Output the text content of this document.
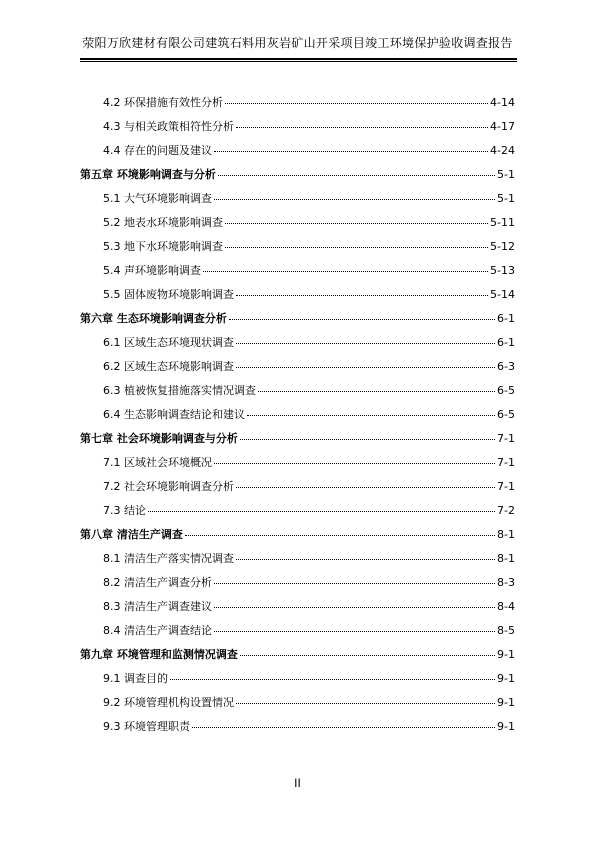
荥阳万欣建材有限公司建筑石料用灰岩矿山开采项目竣工环境保护验收调查报告
4.2 环保措施有效性分析	4-14
4.3 与相关政策相符性分析	4-17
4.4 存在的问题及建议	4-24
第五章 环境影响调查与分析	5-1
5.1 大气环境影响调查	5-1
5.2 地表水环境影响调查	5-11
5.3 地下水环境影响调查	5-12
5.4 声环境影响调查	5-13
5.5 固体废物环境影响调查	5-14
第六章 生态环境影响调查分析	6-1
6.1 区域生态环境现状调查	6-1
6.2 区域生态环境影响调查	6-3
6.3 植被恢复措施落实情况调查	6-5
6.4 生态影响调查结论和建议	6-5
第七章 社会环境影响调查与分析	7-1
7.1 区域社会环境概况	7-1
7.2 社会环境影响调查分析	7-1
7.3 结论	7-2
第八章 清洁生产调查	8-1
8.1 清洁生产落实情况调查	8-1
8.2 清洁生产调查分析	8-3
8.3 清洁生产调查建议	8-4
8.4 清洁生产调查结论	8-5
第九章 环境管理和监测情况调查	9-1
9.1 调查目的	9-1
9.2 环境管理机构设置情况	9-1
9.3 环境管理职责	9-1
II
